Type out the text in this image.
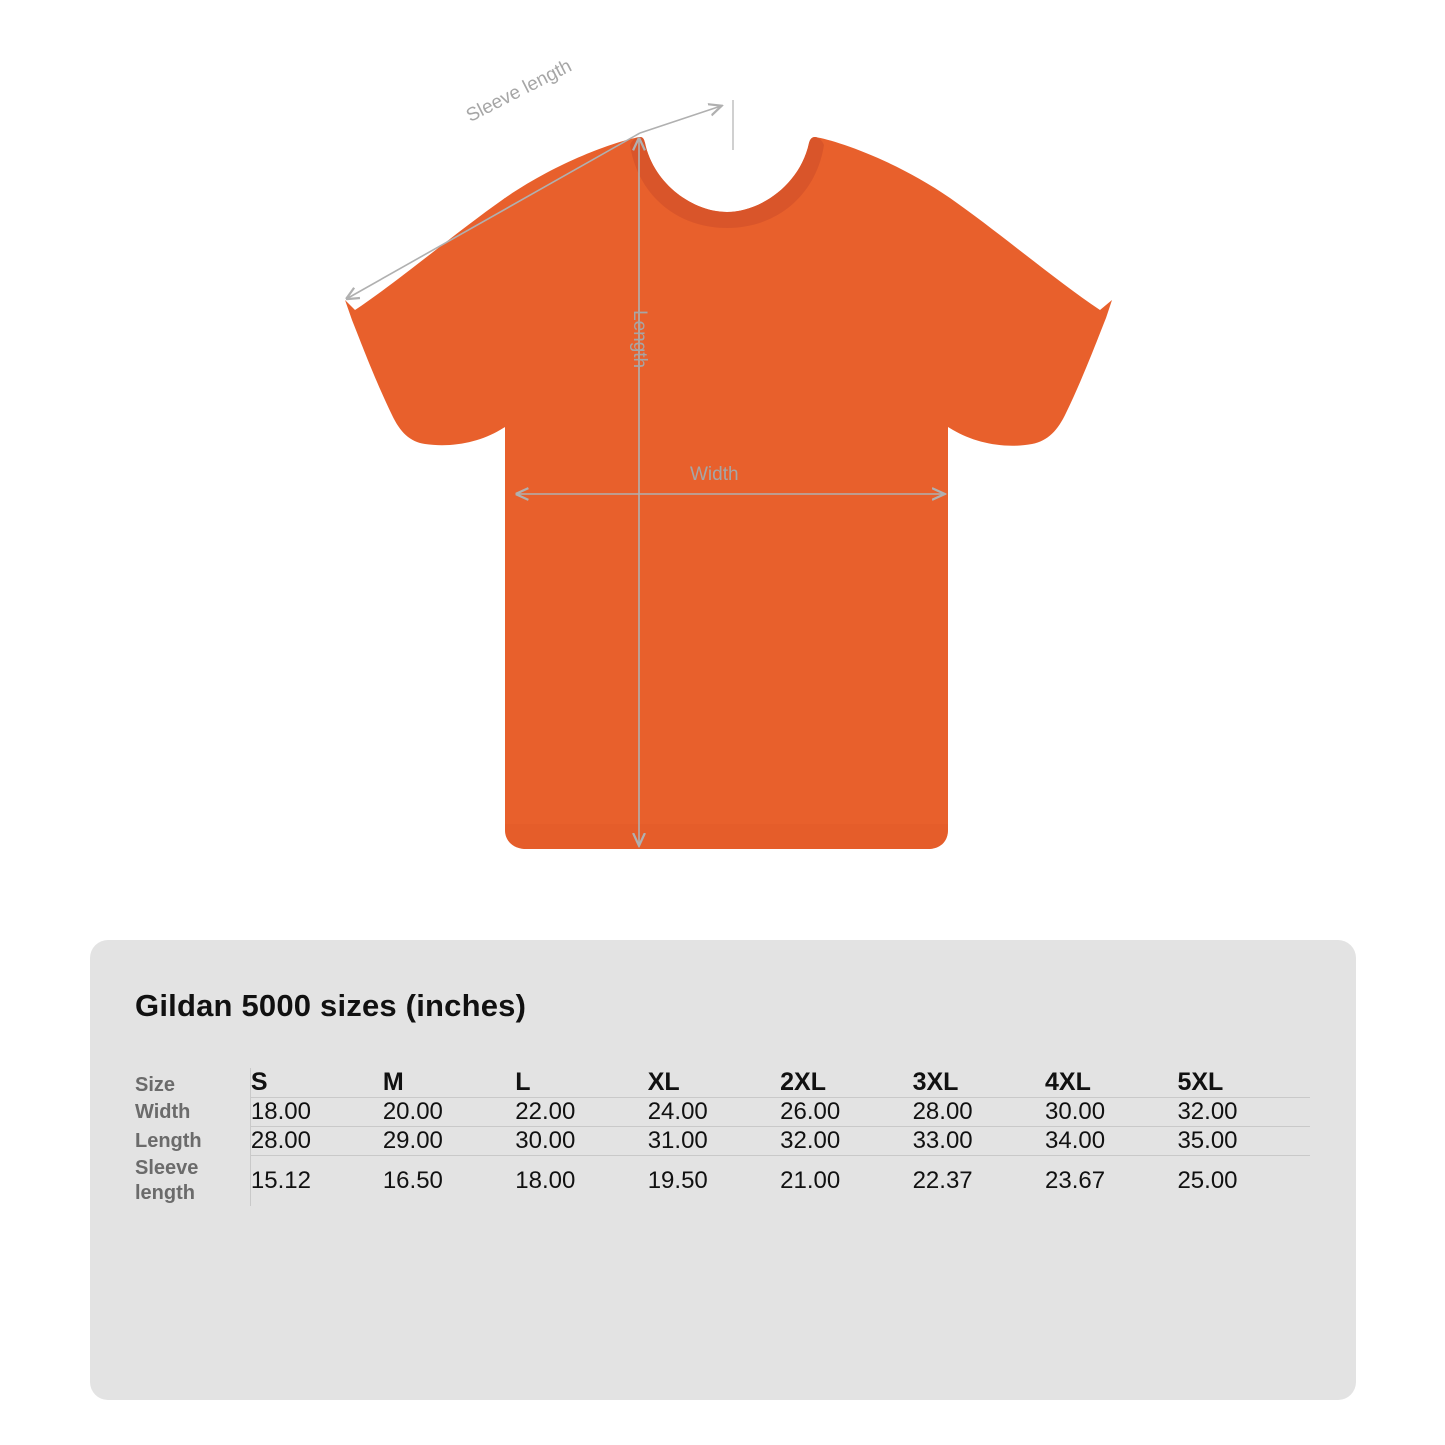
Sleeve length
Length
Width
Gildan 5000 sizes (inches)
Size	S	M	L	XL	2XL	3XL	4XL	5XL
Width	18.00	20.00	22.00	24.00	26.00	28.00	30.00	32.00
Length	28.00	29.00	30.00	31.00	32.00	33.00	34.00	35.00
Sleeve length	15.12	16.50	18.00	19.50	21.00	22.37	23.67	25.00
